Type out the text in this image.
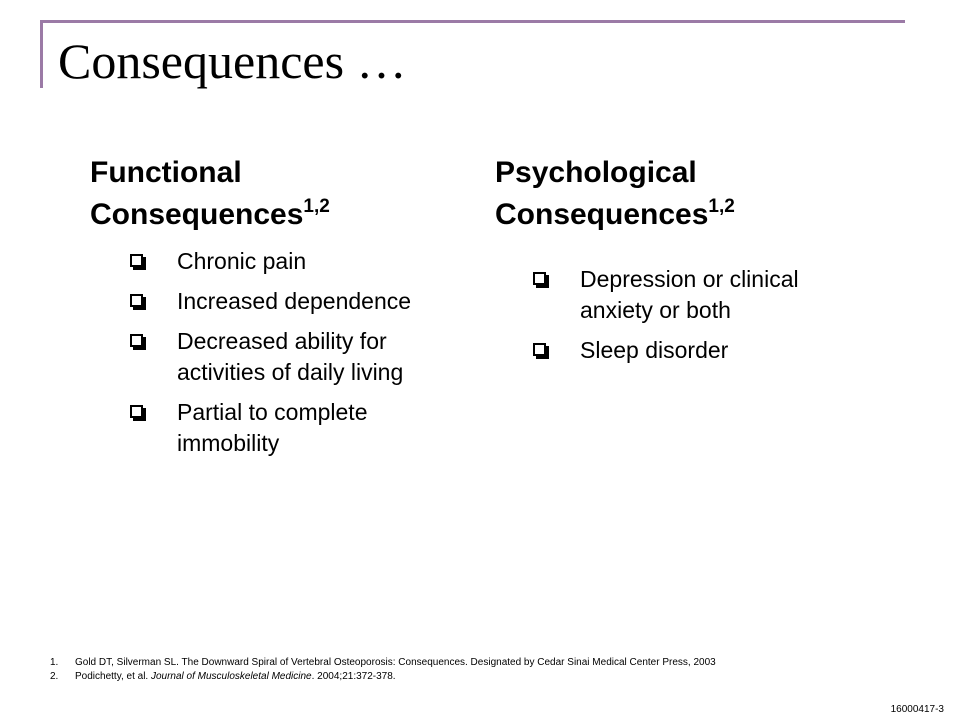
Consequences …
Functional
Consequences$^{1,2}$
Chronic pain
Increased dependence
Decreased ability for activities of daily living
Partial to complete immobility
Psychological
Consequences$^{1,2}$
Depression or clinical anxiety or both
Sleep disorder
1.	Gold DT, Silverman SL. The Downward Spiral of Vertebral Osteoporosis: Consequences. Designated by Cedar Sinai Medical Center Press, 2003
2.	Podichetty, et al. Journal of Musculoskeletal Medicine. 2004;21:372-378.
16000417-3
